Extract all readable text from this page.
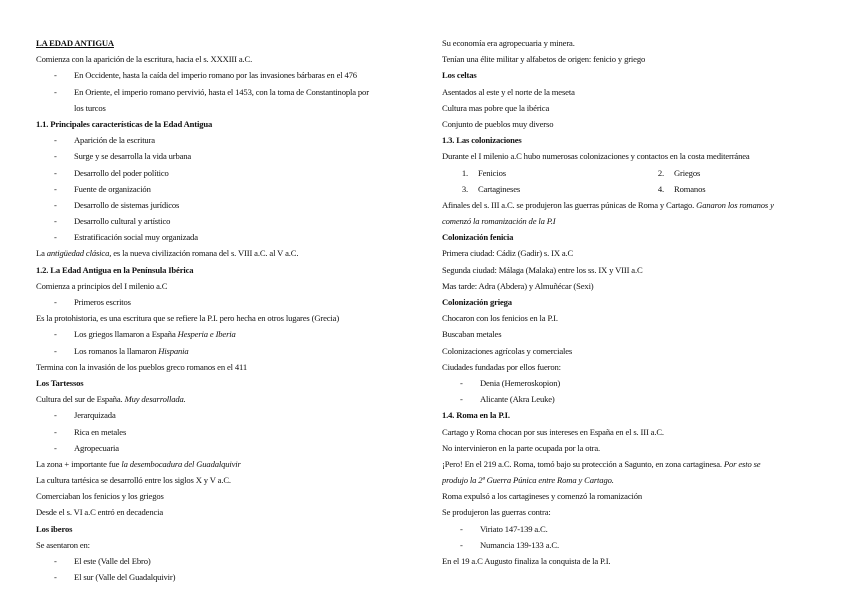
LA EDAD ANTIGUA
Comienza con la aparición de la escritura, hacia el s. XXXIII a.C.
- En Occidente, hasta la caída del imperio romano por las invasiones bárbaras en el 476
- En Oriente, el imperio romano pervivió, hasta el 1453, con la toma de Constantinopla por
los turcos
1.1. Principales características de la Edad Antigua
- Aparición de la escritura
- Surge y se desarrolla la vida urbana
- Desarrollo del poder político
- Fuente de organización
- Desarrollo de sistemas jurídicos
- Desarrollo cultural y artístico
- Estratificación social muy organizada
La antigüedad clásica, es la nueva civilización romana del s. VIII a.C. al V a.C.
1.2. La Edad Antigua en la Península Ibérica
Comienza a principios del I milenio a.C
- Primeros escritos
Es la protohistoria, es una escritura que se refiere la P.I. pero hecha en otros lugares (Grecia)
- Los griegos llamaron a España Hesperia e Iberia
- Los romanos la llamaron Hispania
Termina con la invasión de los pueblos greco romanos en el 411
Los Tartessos
Cultura del sur de España. Muy desarrollada.
- Jerarquizada
- Rica en metales
- Agropecuaria
La zona + importante fue la desembocadura del Guadalquivir
La cultura tartésica se desarrolló entre los siglos X y V a.C.
Comerciaban los fenicios y los griegos
Desde el s. VI a.C entró en decadencia
Los iberos
Se asentaron en:
- El este (Valle del Ebro)
- El sur (Valle del Guadalquivir)
Su economía era agropecuaria y minera.
Tenían una élite militar y alfabetos de origen: fenicio y griego
Los celtas
Asentados al este y el norte de la meseta
Cultura mas pobre que la ibérica
Conjunto de pueblos muy diverso
1.3. Las colonizaciones
Durante el I milenio a.C hubo numerosas colonizaciones y contactos en la costa mediterránea
1. Fenicios	2. Griegos
3. Cartagineses	4. Romanos
Afinales del s. III a.C. se produjeron las guerras púnicas de Roma y Cartago. Ganaron los romanos y
comenzó la romanización de la P.I
Colonización fenicia
Primera ciudad: Cádiz (Gadir) s. IX a.C
Segunda ciudad: Málaga (Malaka) entre los ss. IX y VIII a.C
Mas tarde: Adra (Abdera) y Almuñécar (Sexi)
Colonización griega
Chocaron con los fenicios en la P.I.
Buscaban metales
Colonizaciones agrícolas y comerciales
Ciudades fundadas por ellos fueron:
- Denia (Hemeroskopion)
- Alicante (Akra Leuke)
1.4. Roma en la P.I.
Cartago y Roma chocan por sus intereses en España en el s. III a.C.
No intervinieron en la parte ocupada por la otra.
¡Pero! En el 219 a.C. Roma, tomó bajo su protección a Sagunto, en zona cartaginesa. Por esto se
produjo la 2ª Guerra Púnica entre Roma y Cartago.
Roma expulsó a los cartagineses y comenzó la romanización
Se produjeron las guerras contra:
- Viriato 147-139 a.C.
- Numancia 139-133 a.C.
En el 19 a.C Augusto finaliza la conquista de la P.I.
